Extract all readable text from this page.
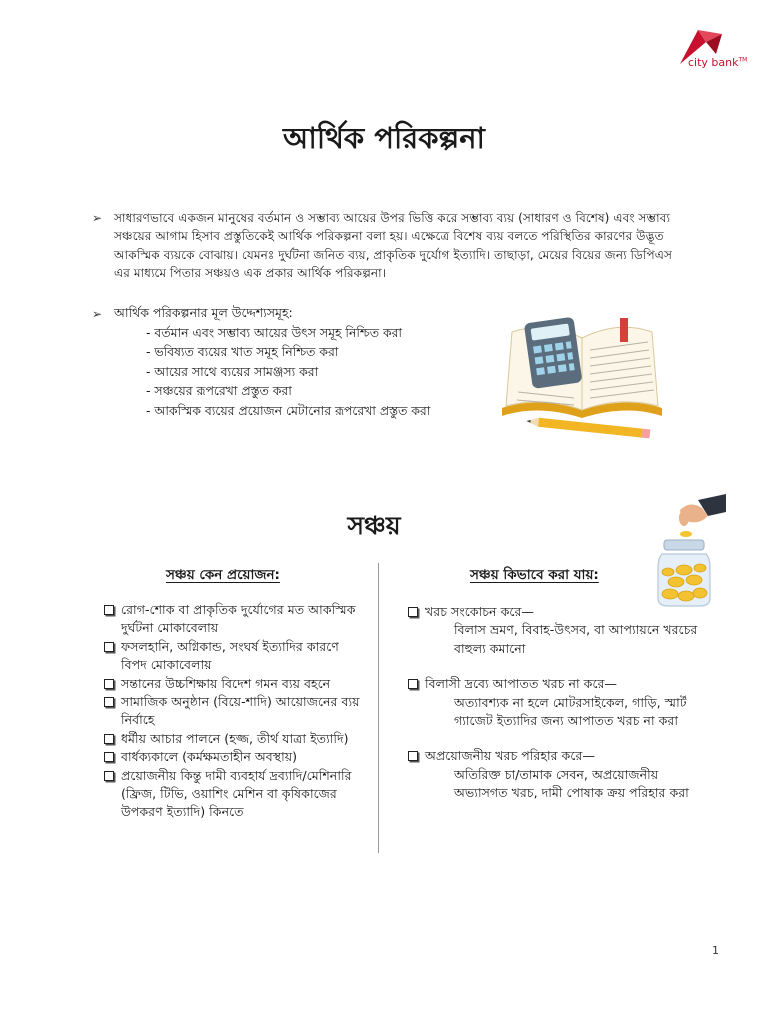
city bank™
আর্থিক পরিকল্পনা
➢ সাধারণভাবে একজন মানুষের বর্তমান ও সম্ভাব্য আয়ের উপর ভিত্তি করে সম্ভাব্য ব্যয় (সাধারণ ও বিশেষ) এবং সম্ভাব্য সঞ্চয়ের আগাম হিসাব প্রস্তুতিকেই আর্থিক পরিকল্পনা বলা হয়। এক্ষেত্রে বিশেষ ব্যয় বলতে পরিস্থিতির কারণের উদ্ভূত আকস্মিক ব্যয়কে বোঝায়। যেমনঃ দুর্ঘটনা জনিত ব্যয়, প্রাকৃতিক দুর্যোগ ইত্যাদি। তাছাড়া, মেয়ের বিয়ের জন্য ডিপিএস এর মাধ্যমে পিতার সঞ্চয়ও এক প্রকার আর্থিক পরিকল্পনা।
➢ আর্থিক পরিকল্পনার মূল উদ্দেশ্যসমূহ:
- বর্তমান এবং সম্ভাব্য আয়ের উৎস সমূহ নিশ্চিত করা
- ভবিষ্যত ব্যয়ের খাত সমূহ নিশ্চিত করা
- আয়ের সাথে ব্যয়ের সামঞ্জস্য করা
- সঞ্চয়ের রূপরেখা প্রস্তুত করা
- আকস্মিক ব্যয়ের প্রয়োজন মেটানোর রূপরেখা প্রস্তুত করা
সঞ্চয়
সঞ্চয় কেন প্রয়োজন:	সঞ্চয় কিভাবে করা যায়:
রোগ-শোক বা প্রাকৃতিক দুর্যোগের মত আকস্মিক দুর্ঘটনা মোকাবেলায়
ফসলহানি, অগ্নিকান্ড, সংঘর্ষ ইত্যাদির কারণে বিপদ মোকাবেলায়
সন্তানের উচ্চশিক্ষায় বিদেশ গমন ব্যয় বহনে
সামাজিক অনুষ্ঠান (বিয়ে-শাদি) আয়োজনের ব্যয় নির্বাহে
ধর্মীয় আচার পালনে (হজ্জ, তীর্থ যাত্রা ইত্যাদি)
বার্ধক্যকালে (কর্মক্ষমতাহীন অবস্থায়)
প্রয়োজনীয় কিন্তু দামী ব্যবহার্য দ্রব্যাদি/মেশিনারি (ফ্রিজ, টিভি, ওয়াশিং মেশিন বা কৃষিকাজের উপকরণ ইত্যাদি) কিনতে
খরচ সংকোচন করে—
বিলাস ভ্রমণ, বিবাহ-উৎসব, বা আপ্যায়নে খরচের বাহুল্য কমানো
বিলাসী দ্রব্যে আপাতত খরচ না করে—
অত্যাবশ্যক না হলে মোটরসাইকেল, গাড়ি, স্মার্ট গ্যাজেট ইত্যাদির জন্য আপাতত খরচ না করা
অপ্রয়োজনীয় খরচ পরিহার করে—
অতিরিক্ত চা/তামাক সেবন, অপ্রয়োজনীয় অভ্যাসগত খরচ, দামী পোষাক ক্রয় পরিহার করা
1
